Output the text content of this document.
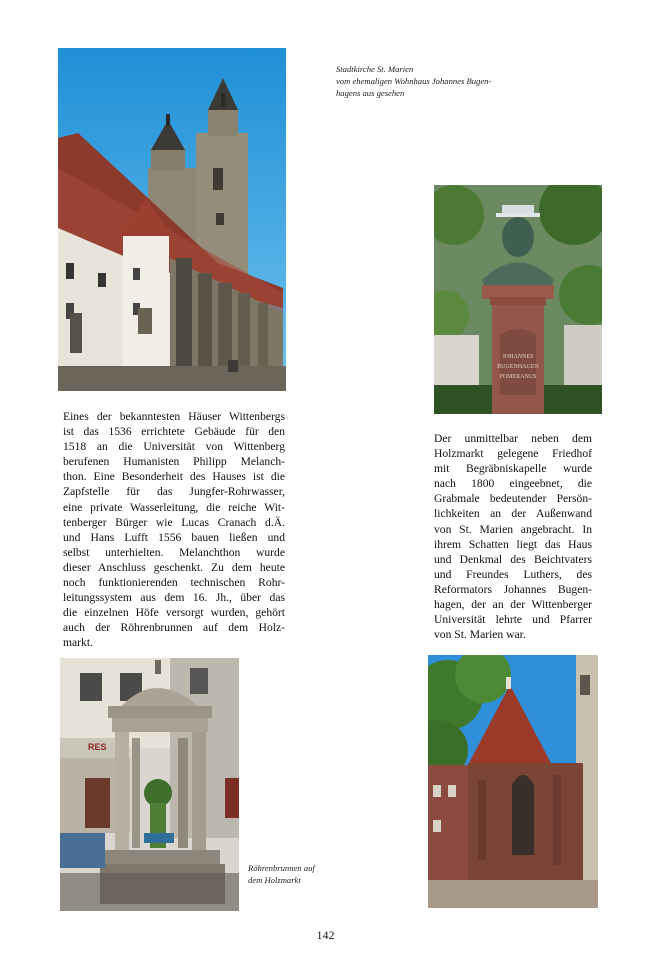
Stadtkirche St. Marien
vom ehemaligen Wohnhaus Johannes Bugen-
hagens aus gesehen
JOHANNES
BUGENHAGEN
POMERANUS
Eines der bekanntesten Häuser Wittenbergs
ist das 1536 errichtete Gebäude für den
1518 an die Universität von Wittenberg
berufenen Humanisten Philipp Melanch-
thon. Eine Besonderheit des Hauses ist die
Zapfstelle für das Jungfer-Rohrwasser,
eine private Wasserleitung, die reiche Wit-
tenberger Bürger wie Lucas Cranach d.Ä.
und Hans Lufft 1556 bauen ließen und
selbst unterhielten. Melanchthon wurde
dieser Anschluss geschenkt. Zu dem heute
noch funktionierenden technischen Rohr-
leitungssystem aus dem 16. Jh., über das
die einzelnen Höfe versorgt wurden, gehört
auch der Röhrenbrunnen auf dem Holz-
markt.
Der unmittelbar neben dem
Holzmarkt gelegene Friedhof
mit Begräbniskapelle wurde
nach 1800 eingeebnet, die
Grabmale bedeutender Persön-
lichkeiten an der Außenwand
von St. Marien angebracht. In
ihrem Schatten liegt das Haus
und Denkmal des Beichtvaters
und Freundes Luthers, des
Reformators Johannes Bugen-
hagen, der an der Wittenberger
Universität lehrte und Pfarrer
von St. Marien war.
RES
Röhrenbrunnen auf
dem Holzmarkt
142
